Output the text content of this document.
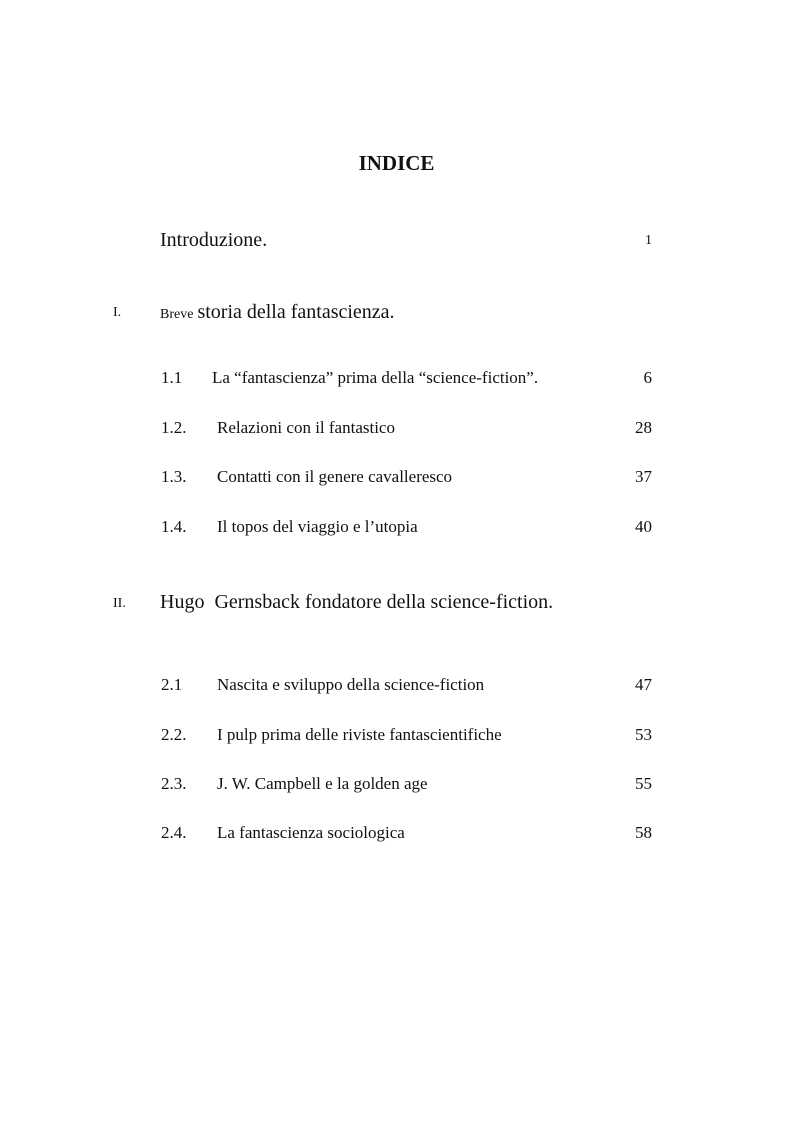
INDICE
Introduzione.	1
I.	Breve storia della fantascienza.
1.1 La “fantascienza” prima della “science-fiction”.	6
1.2. Relazioni con il fantastico	28
1.3. Contatti con il genere cavalleresco	37
1.4. Il topos del viaggio e l’utopia	40
II. Hugo  Gernsback fondatore della science-fiction.
2.1 Nascita e sviluppo della science-fiction	47
2.2. I pulp prima delle riviste fantascientifiche	53
2.3. J. W. Campbell e la golden age	55
2.4. La fantascienza sociologica	58
